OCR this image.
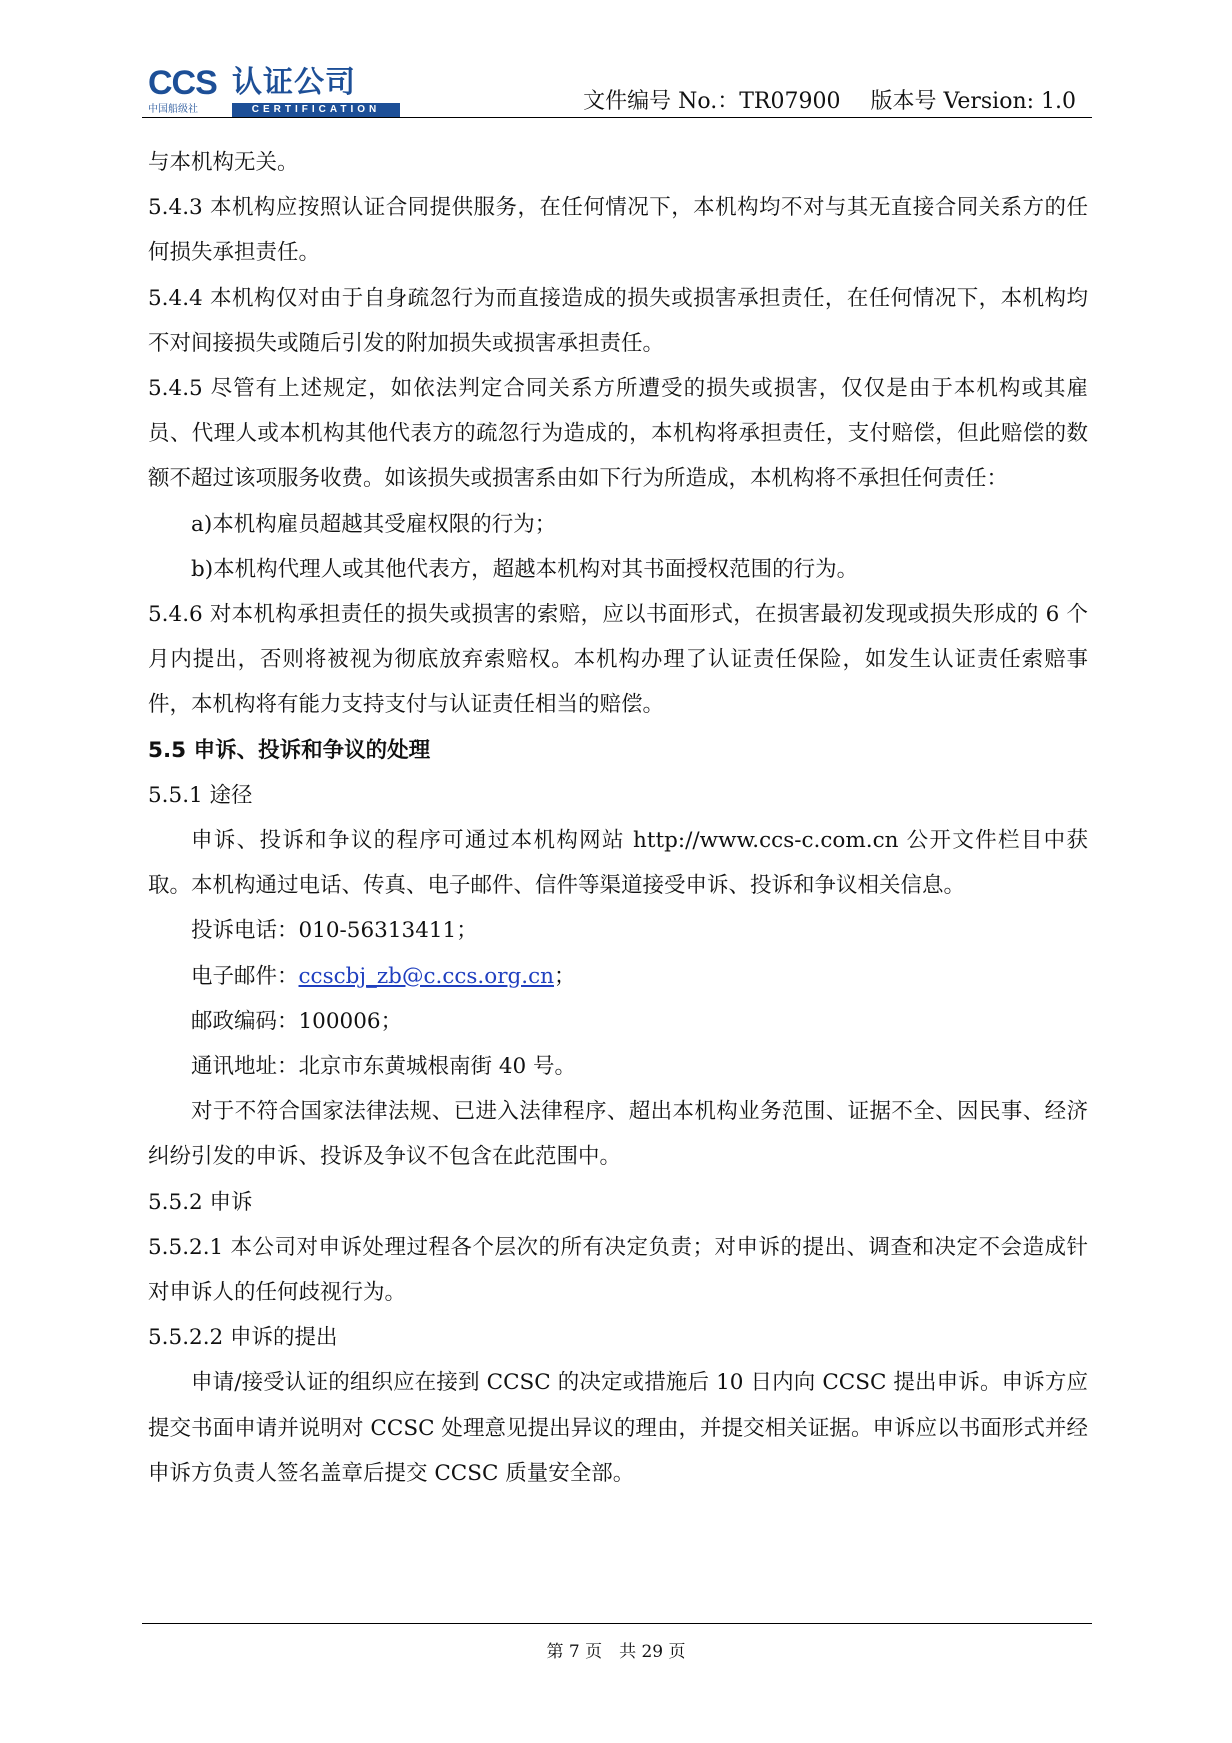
CCS 认证公司
中国船级社	CERTIFICATION	文件编号 No.：TR07900 版本号 Version: 1.0

与本机构无关。

5.4.3 本机构应按照认证合同提供服务，在任何情况下，本机构均不对与其无直接合同关系方的任何损失承担责任。

5.4.4 本机构仅对由于自身疏忽行为而直接造成的损失或损害承担责任，在任何情况下，本机构均不对间接损失或随后引发的附加损失或损害承担责任。

5.4.5 尽管有上述规定，如依法判定合同关系方所遭受的损失或损害，仅仅是由于本机构或其雇员、代理人或本机构其他代表方的疏忽行为造成的，本机构将承担责任，支付赔偿，但此赔偿的数额不超过该项服务收费。如该损失或损害系由如下行为所造成，本机构将不承担任何责任：

a)本机构雇员超越其受雇权限的行为；

b)本机构代理人或其他代表方，超越本机构对其书面授权范围的行为。

5.4.6 对本机构承担责任的损失或损害的索赔，应以书面形式，在损害最初发现或损失形成的 6 个月内提出，否则将被视为彻底放弃索赔权。本机构办理了认证责任保险，如发生认证责任索赔事件，本机构将有能力支持支付与认证责任相当的赔偿。

5.5 申诉、投诉和争议的处理

5.5.1 途径

申诉、投诉和争议的程序可通过本机构网站 http://www.ccs-c.com.cn 公开文件栏目中获取。本机构通过电话、传真、电子邮件、信件等渠道接受申诉、投诉和争议相关信息。

投诉电话：010-56313411；

电子邮件：ccscbj_zb@c.ccs.org.cn；

邮政编码：100006；

通讯地址：北京市东黄城根南街 40 号。

对于不符合国家法律法规、已进入法律程序、超出本机构业务范围、证据不全、因民事、经济纠纷引发的申诉、投诉及争议不包含在此范围中。

5.5.2 申诉

5.5.2.1 本公司对申诉处理过程各个层次的所有决定负责；对申诉的提出、调查和决定不会造成针对申诉人的任何歧视行为。

5.5.2.2 申诉的提出

申请/接受认证的组织应在接到 CCSC 的决定或措施后 10 日内向 CCSC 提出申诉。申诉方应提交书面申请并说明对 CCSC 处理意见提出异议的理由，并提交相关证据。申诉应以书面形式并经申诉方负责人签名盖章后提交 CCSC 质量安全部。

第 7 页　共 29 页
